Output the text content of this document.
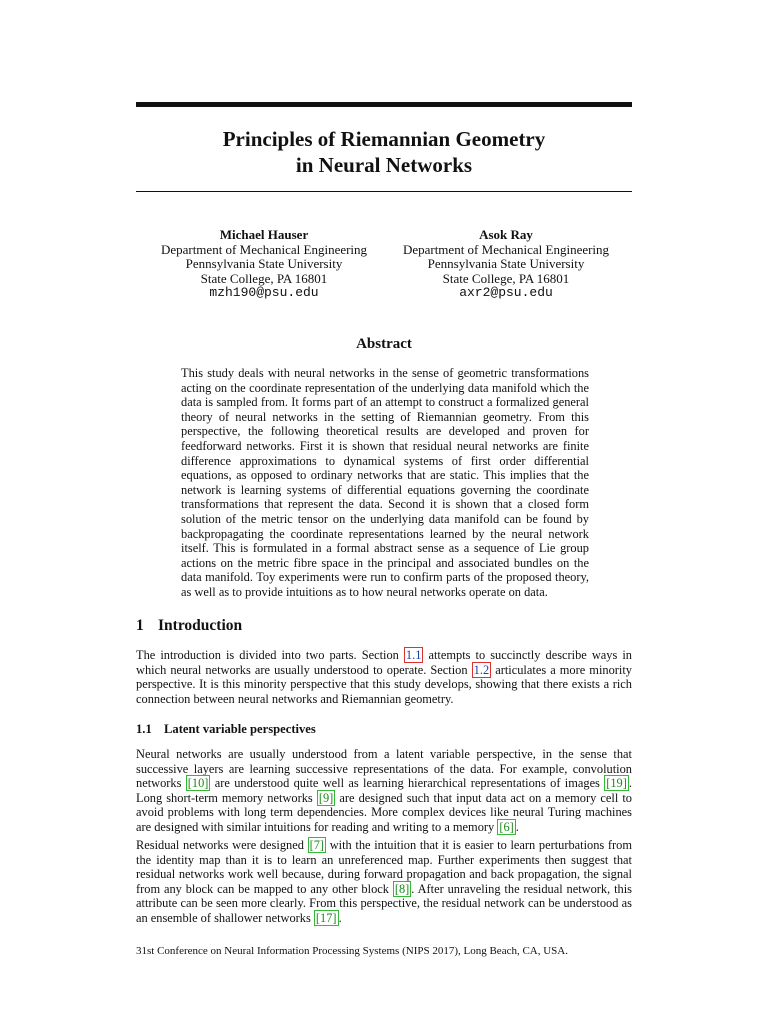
Principles of Riemannian Geometry
in Neural Networks
Michael Hauser
Department of Mechanical Engineering
Pennsylvania State University
State College, PA 16801
mzh190@psu.edu
Asok Ray
Department of Mechanical Engineering
Pennsylvania State University
State College, PA 16801
axr2@psu.edu
Abstract
This study deals with neural networks in the sense of geometric transformations acting on the coordinate representation of the underlying data manifold which the data is sampled from. It forms part of an attempt to construct a formalized general theory of neural networks in the setting of Riemannian geometry. From this perspective, the following theoretical results are developed and proven for feedforward networks. First it is shown that residual neural networks are finite difference approximations to dynamical systems of first order differential equations, as opposed to ordinary networks that are static. This implies that the network is learning systems of differential equations governing the coordinate transformations that represent the data. Second it is shown that a closed form solution of the metric tensor on the underlying data manifold can be found by backpropagating the coordinate representations learned by the neural network itself. This is formulated in a formal abstract sense as a sequence of Lie group actions on the metric fibre space in the principal and associated bundles on the data manifold. Toy experiments were run to confirm parts of the proposed theory, as well as to provide intuitions as to how neural networks operate on data.
1 Introduction
The introduction is divided into two parts. Section 1.1 attempts to succinctly describe ways in which neural networks are usually understood to operate. Section 1.2 articulates a more minority perspective. It is this minority perspective that this study develops, showing that there exists a rich connection between neural networks and Riemannian geometry.
1.1 Latent variable perspectives
Neural networks are usually understood from a latent variable perspective, in the sense that successive layers are learning successive representations of the data. For example, convolution networks [10] are understood quite well as learning hierarchical representations of images [19] . Long short-term memory networks [9] are designed such that input data act on a memory cell to avoid problems with long term dependencies. More complex devices like neural Turing machines are designed with similar intuitions for reading and writing to a memory [6] .
Residual networks were designed [7] with the intuition that it is easier to learn perturbations from the identity map than it is to learn an unreferenced map. Further experiments then suggest that residual networks work well because, during forward propagation and back propagation, the signal from any block can be mapped to any other block [8] . After unraveling the residual network, this attribute can be seen more clearly. From this perspective, the residual network can be understood as an ensemble of shallower networks [17] .
31st Conference on Neural Information Processing Systems (NIPS 2017), Long Beach, CA, USA.
